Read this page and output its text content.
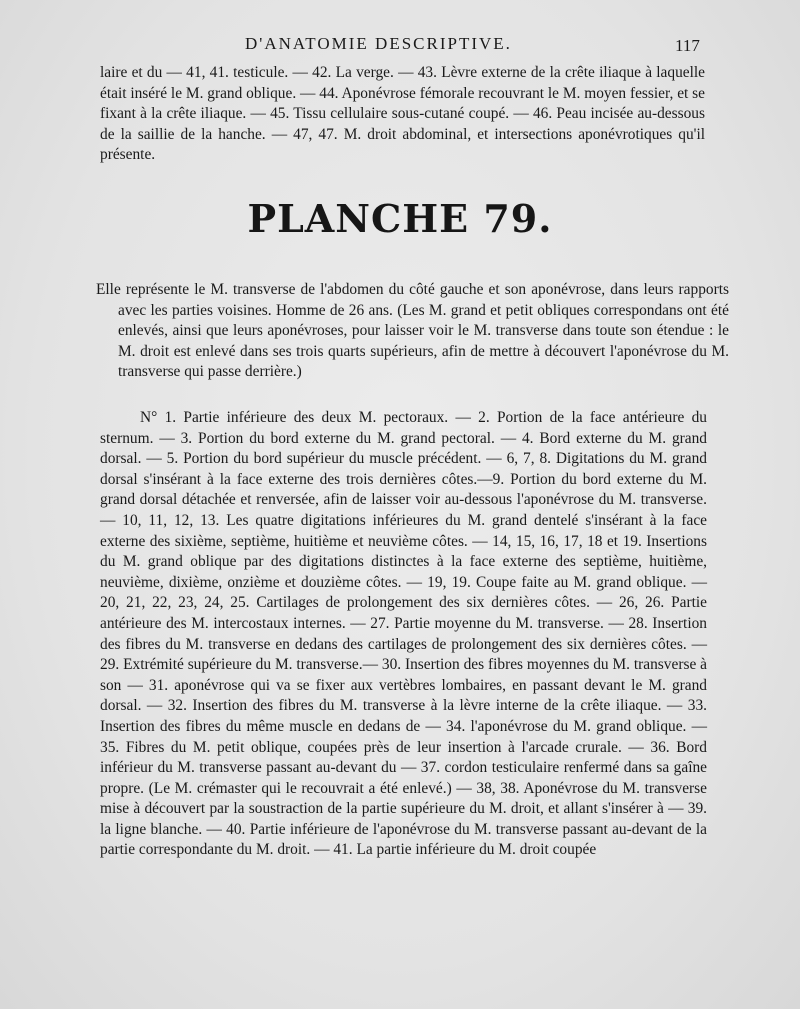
D'ANATOMIE DESCRIPTIVE.	117

laire et du — 41, 41. testicule. — 42. La verge. — 43. Lèvre externe de la crête iliaque à laquelle était inséré le M. grand oblique. — 44. Aponévrose fémorale recouvrant le M. moyen fessier, et se fixant à la crête iliaque. — 45. Tissu cellulaire sous-cutané coupé. — 46. Peau incisée au-dessous de la saillie de la hanche. — 47, 47. M. droit abdominal, et intersections aponévrotiques qu'il présente.

PLANCHE 79.

Elle représente le M. transverse de l'abdomen du côté gauche et son aponévrose, dans leurs rapports avec les parties voisines. Homme de 26 ans. (Les M. grand et petit obliques correspondans ont été enlevés, ainsi que leurs aponévroses, pour laisser voir le M. transverse dans toute son étendue : le M. droit est enlevé dans ses trois quarts supérieurs, afin de mettre à découvert l'aponévrose du M. transverse qui passe derrière.)

N° 1. Partie inférieure des deux M. pectoraux. — 2. Portion de la face antérieure du sternum. — 3. Portion du bord externe du M. grand pectoral. — 4. Bord externe du M. grand dorsal. — 5. Portion du bord supérieur du muscle précédent. — 6, 7, 8. Digitations du M. grand dorsal s'insérant à la face externe des trois dernières côtes.—9. Portion du bord externe du M. grand dorsal détachée et renversée, afin de laisser voir au-dessous l'aponévrose du M. transverse. — 10, 11, 12, 13. Les quatre digitations inférieures du M. grand dentelé s'insérant à la face externe des sixième, septième, huitième et neuvième côtes. — 14, 15, 16, 17, 18 et 19. Insertions du M. grand oblique par des digitations distinctes à la face externe des septième, huitième, neuvième, dixième, onzième et douzième côtes. — 19, 19. Coupe faite au M. grand oblique. — 20, 21, 22, 23, 24, 25. Cartilages de prolongement des six dernières côtes. — 26, 26. Partie antérieure des M. intercostaux internes. — 27. Partie moyenne du M. transverse. — 28. Insertion des fibres du M. transverse en dedans des cartilages de prolongement des six dernières côtes. — 29. Extrémité supérieure du M. transverse.— 30. Insertion des fibres moyennes du M. transverse à son — 31. aponévrose qui va se fixer aux vertèbres lombaires, en passant devant le M. grand dorsal. — 32. Insertion des fibres du M. transverse à la lèvre interne de la crête iliaque. — 33. Insertion des fibres du même muscle en dedans de — 34. l'aponévrose du M. grand oblique. — 35. Fibres du M. petit oblique, coupées près de leur insertion à l'arcade crurale. — 36. Bord inférieur du M. transverse passant au-devant du — 37. cordon testiculaire renfermé dans sa gaîne propre. (Le M. crémaster qui le recouvrait a été enlevé.) — 38, 38. Aponévrose du M. transverse mise à découvert par la soustraction de la partie supérieure du M. droit, et allant s'insérer à — 39. la ligne blanche. — 40. Partie inférieure de l'aponévrose du M. transverse passant au-devant de la partie correspondante du M. droit. — 41. La partie inférieure du M. droit coupée
